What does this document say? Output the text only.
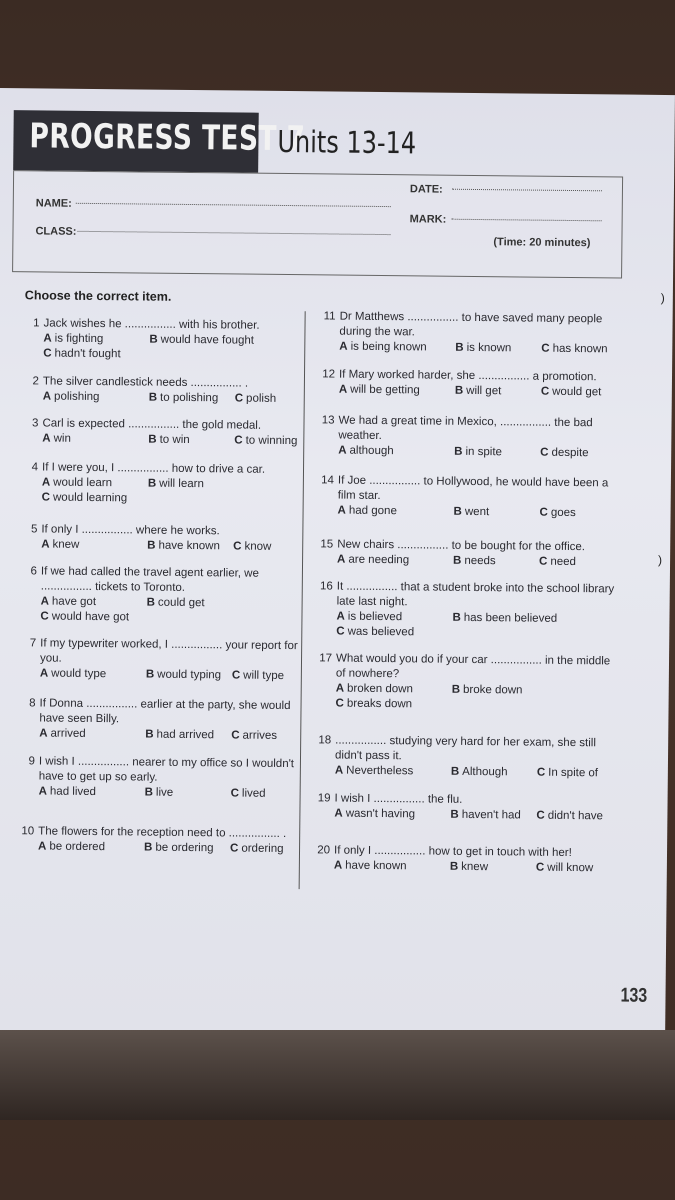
PROGRESS TEST 7
Units 13-14
NAME:
DATE:
CLASS:
MARK:
(Time: 20 minutes)
Choose the correct item.
1 Jack wishes he ................ with his brother.
A is fighting	B would have fought
C hadn't fought
2 The silver candlestick needs ................ .
A polishing	B to polishing C polish
3 Carl is expected ................ the gold medal.
A win	B to win	C to winning
4 If I were you, I ................ how to drive a car.
A would learn	B will learn
C would learning
5 If only I ................ where he works.
A knew	B have known C know
6 If we had called the travel agent earlier, we ................ tickets to Toronto.
A have got	B could get
C would have got
7 If my typewriter worked, I ................ your report for you.
A would type	B would typing C will type
8 If Donna ................ earlier at the party, she would have seen Billy.
A arrived	B had arrived C arrives
9 I wish I ................ nearer to my office so I wouldn't have to get up so early.
A had lived	B live	C lived
10 The flowers for the reception need to ................ .
A be ordered	B be ordering C ordering
11 Dr Matthews ................ to have saved many people during the war.
A is being known B is known	C has known
12 If Mary worked harder, she ................ a promotion.
A will be getting	B will get	C would get
13 We had a great time in Mexico, ................ the bad weather.
A although	B in spite	C despite
14 If Joe ................ to Hollywood, he would have been a film star.
A had gone	B went	C goes
15 New chairs ................ to be bought for the office.
A are needing	B needs	C need
16 It ................ that a student broke into the school library late last night.
A is believed	B has been believed
C was believed
17 What would you do if your car ................ in the middle of nowhere?
A broken down	B broke down
C breaks down
18 ................ studying very hard for her exam, she still didn't pass it.
A Nevertheless	B Although	C In spite of
19 I wish I ................ the flu.
A wasn't having	B haven't had C didn't have
20 If only I ................ how to get in touch with her!
A have known	B knew	C will know
)
)
133
